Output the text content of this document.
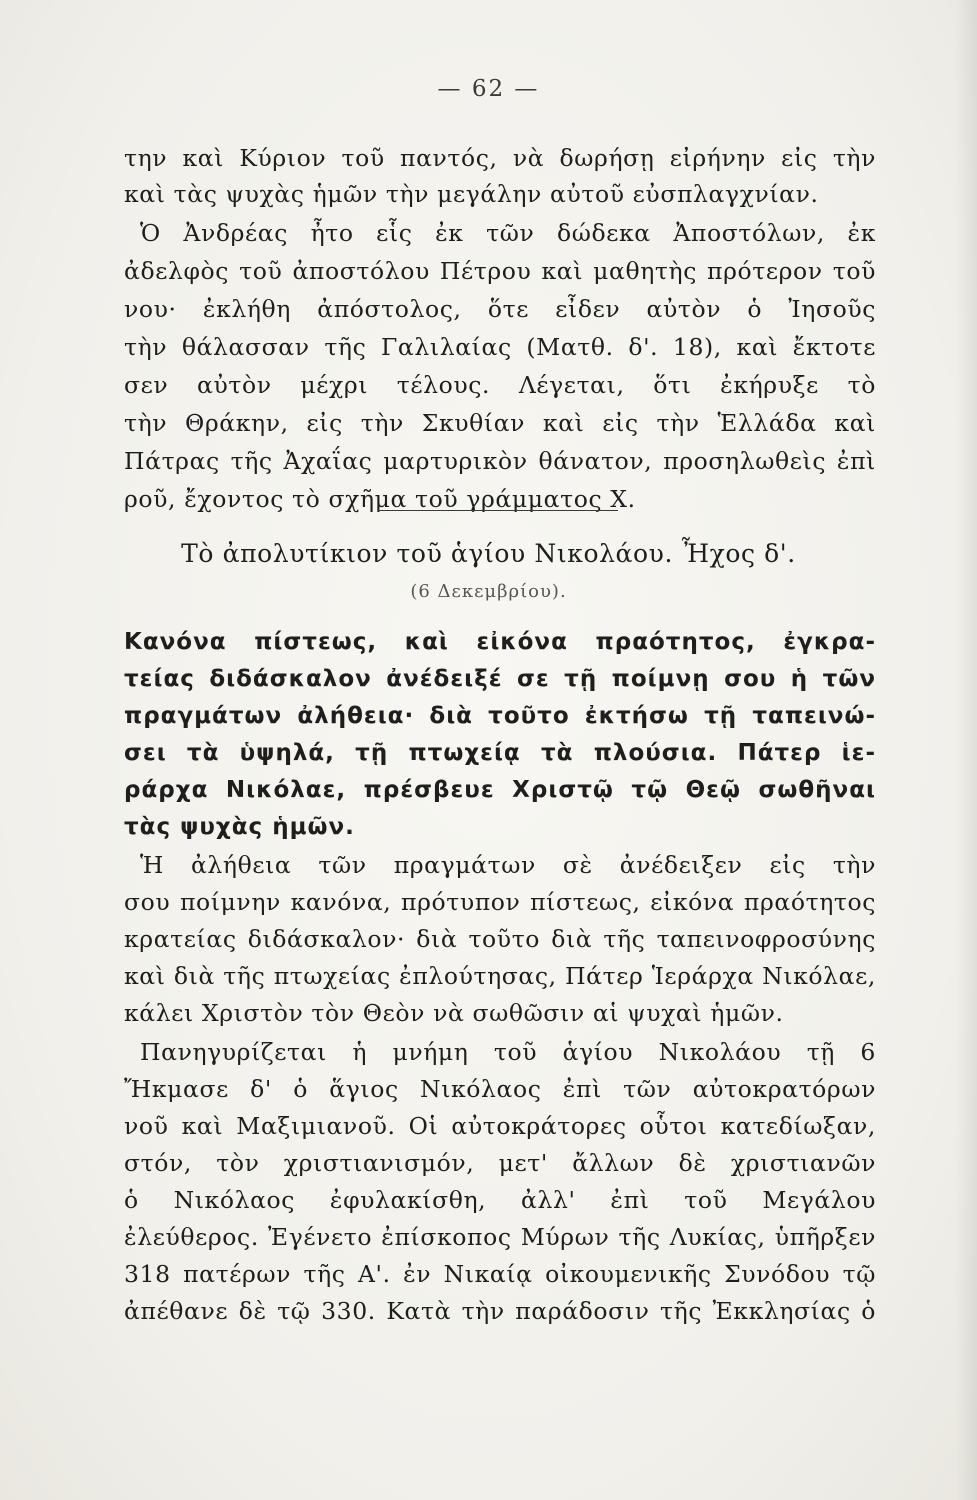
— 62 —
την καὶ Κύριον τοῦ παντός, νὰ δωρήσῃ εἰρήνην εἰς τὴν
καὶ τὰς ψυχὰς ἡμῶν τὴν μεγάλην αὐτοῦ εὐσπλαγχνίαν.
Ὁ Ἀνδρέας ἦτο εἷς ἐκ τῶν δώδεκα Ἀποστόλων, ἐκ
ἀδελφὸς τοῦ ἀποστόλου Πέτρου καὶ μαθητὴς πρότερον τοῦ
νου· ἐκλήθη ἀπόστολος, ὅτε εἶδεν αὐτὸν ὁ Ἰησοῦς
τὴν θάλασσαν τῆς Γαλιλαίας (Ματθ. δ'. 18), καὶ ἔκτοτε
σεν αὐτὸν μέχρι τέλους. Λέγεται, ὅτι ἐκήρυξε τὸ
τὴν Θράκην, εἰς τὴν Σκυθίαν καὶ εἰς τὴν Ἑλλάδα καὶ
Πάτρας τῆς Ἀχαΐας μαρτυρικὸν θάνατον, προσηλωθεὶς ἐπὶ
ροῦ, ἔχοντος τὸ σχῆμα τοῦ γράμματος Χ.
Τὸ ἀπολυτίκιον τοῦ ἁγίου Νικολάου. Ἦχος δ'.
(6 Δεκεμβρίου).
Κανόνα πίστεως, καὶ εἰκόνα πραότητος, ἐγκρα-
τείας διδάσκαλον ἀνέδειξέ σε τῇ ποίμνῃ σου ἡ τῶν
πραγμάτων ἀλήθεια· διὰ τοῦτο ἐκτήσω τῇ ταπεινώ-
σει τὰ ὑψηλά, τῇ πτωχείᾳ τὰ πλούσια. Πάτερ ἱε-
ράρχα Νικόλαε, πρέσβευε Χριστῷ τῷ Θεῷ σωθῆναι
τὰς ψυχὰς ἡμῶν.
Ἡ ἀλήθεια τῶν πραγμάτων σὲ ἀνέδειξεν εἰς τὴν
σου ποίμνην κανόνα, πρότυπον πίστεως, εἰκόνα πραότητος
κρατείας διδάσκαλον· διὰ τοῦτο διὰ τῆς ταπεινοφροσύνης
καὶ διὰ τῆς πτωχείας ἐπλούτησας, Πάτερ Ἱεράρχα Νικόλαε,
κάλει Χριστὸν τὸν Θεὸν νὰ σωθῶσιν αἱ ψυχαὶ ἡμῶν.
Πανηγυρίζεται ἡ μνήμη τοῦ ἁγίου Νικολάου τῇ 6
Ἤκμασε δ' ὁ ἅγιος Νικόλαος ἐπὶ τῶν αὐτοκρατόρων
νοῦ καὶ Μαξιμιανοῦ. Οἱ αὐτοκράτορες οὗτοι κατεδίωξαν,
στόν, τὸν χριστιανισμόν, μετ' ἄλλων δὲ χριστιανῶν
ὁ Νικόλαος ἐφυλακίσθη, ἀλλ' ἐπὶ τοῦ Μεγάλου
ἐλεύθερος. Ἐγένετο ἐπίσκοπος Μύρων τῆς Λυκίας, ὑπῆρξεν
318 πατέρων τῆς Α'. ἐν Νικαίᾳ οἰκουμενικῆς Συνόδου τῷ
ἀπέθανε δὲ τῷ 330. Κατὰ τὴν παράδοσιν τῆς Ἐκκλησίας ὁ
